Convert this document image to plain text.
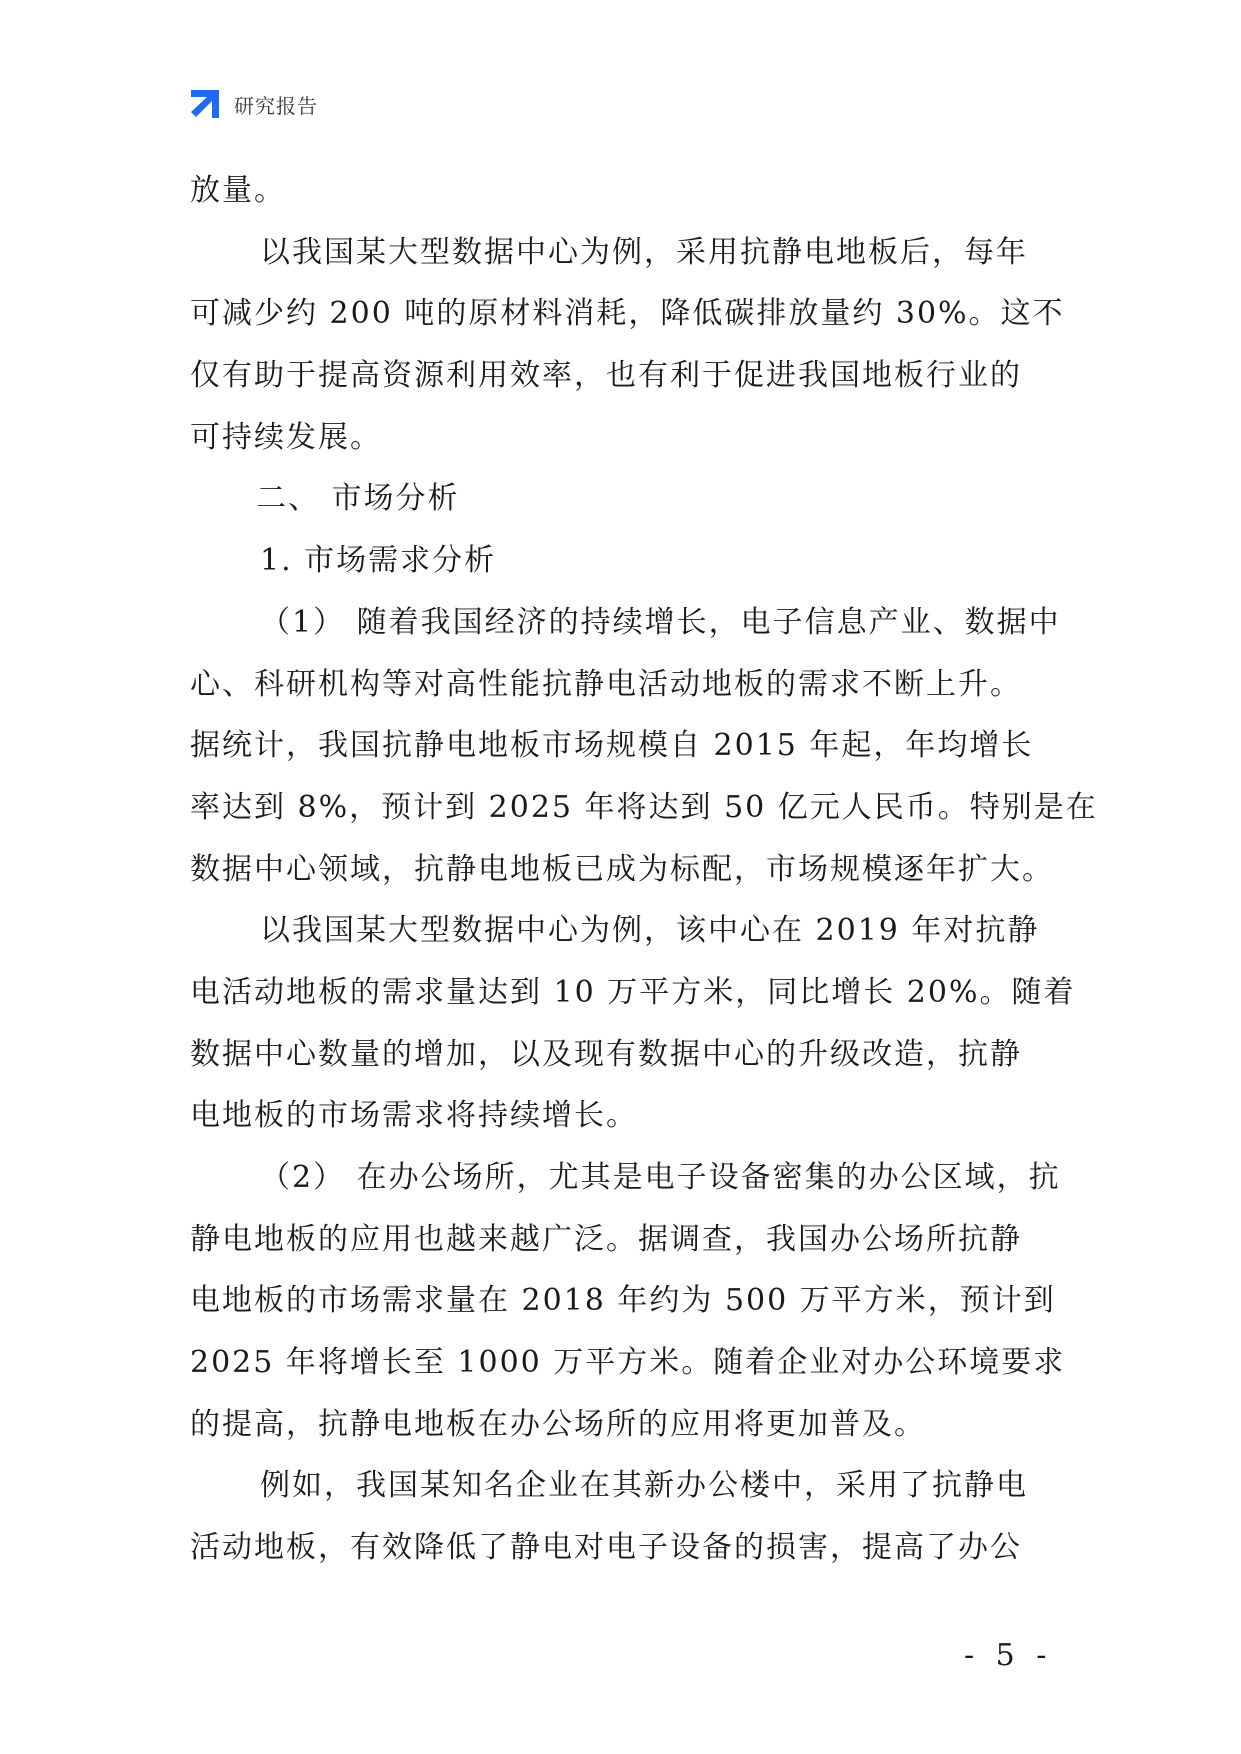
研究报告
放量。
以我国某大型数据中心为例，采用抗静电地板后，每年
可减少约 200 吨的原材料消耗，降低碳排放量约 30%。这不
仅有助于提高资源利用效率，也有利于促进我国地板行业的
可持续发展。
二、 市场分析
1. 市场需求分析
（1） 随着我国经济的持续增长，电子信息产业、数据中
心、科研机构等对高性能抗静电活动地板的需求不断上升。
据统计，我国抗静电地板市场规模自 2015 年起，年均增长
率达到 8%，预计到 2025 年将达到 50 亿元人民币。特别是在
数据中心领域，抗静电地板已成为标配，市场规模逐年扩大。
以我国某大型数据中心为例，该中心在 2019 年对抗静
电活动地板的需求量达到 10 万平方米，同比增长 20%。随着
数据中心数量的增加，以及现有数据中心的升级改造，抗静
电地板的市场需求将持续增长。
（2） 在办公场所，尤其是电子设备密集的办公区域，抗
静电地板的应用也越来越广泛。据调查，我国办公场所抗静
电地板的市场需求量在 2018 年约为 500 万平方米，预计到
2025 年将增长至 1000 万平方米。随着企业对办公环境要求
的提高，抗静电地板在办公场所的应用将更加普及。
例如，我国某知名企业在其新办公楼中，采用了抗静电
活动地板，有效降低了静电对电子设备的损害，提高了办公
- 5 -
